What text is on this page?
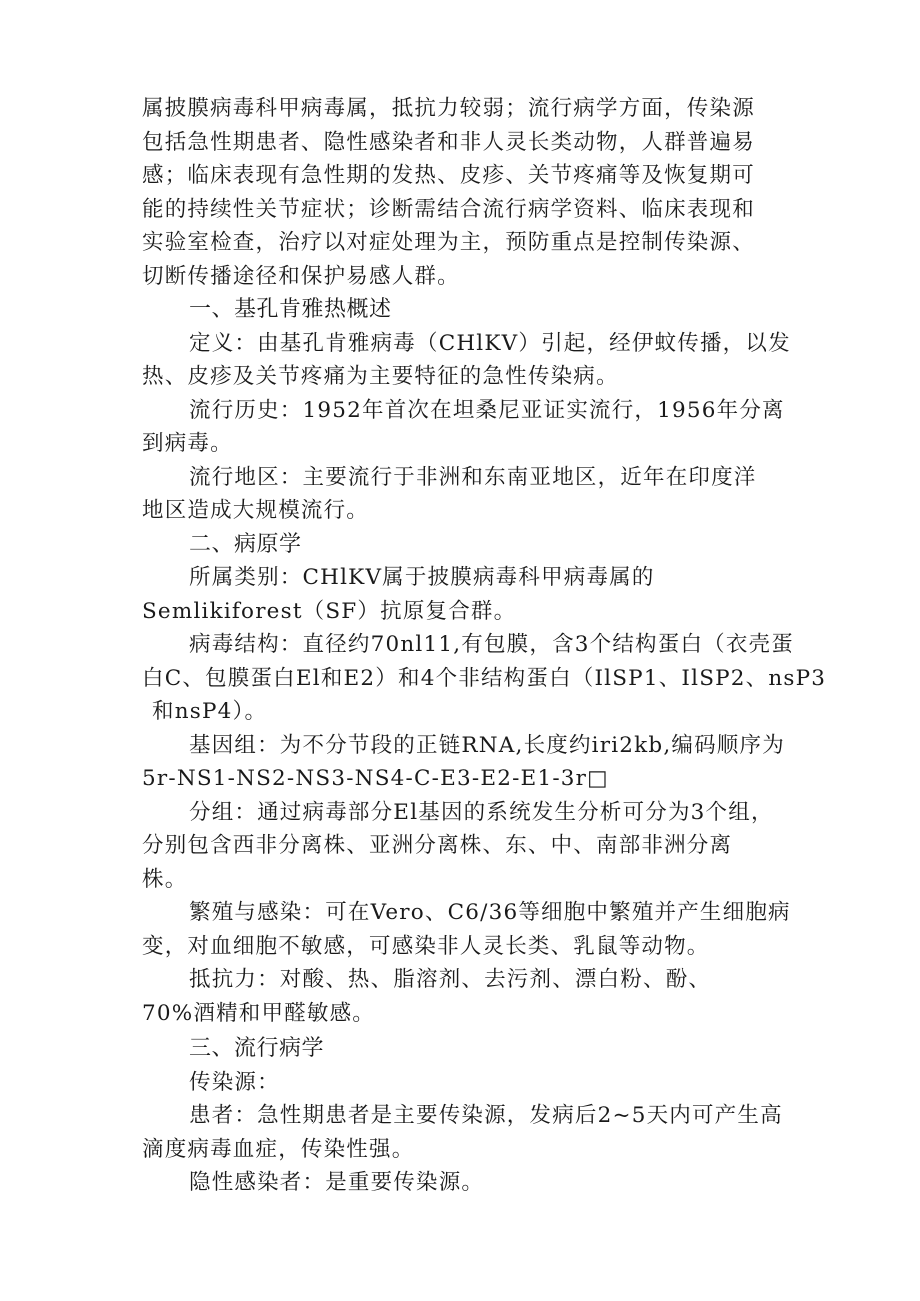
属披膜病毒科甲病毒属，抵抗力较弱；流行病学方面，传染源
包括急性期患者、隐性感染者和非人灵长类动物，人群普遍易
感；临床表现有急性期的发热、皮疹、关节疼痛等及恢复期可
能的持续性关节症状；诊断需结合流行病学资料、临床表现和
实验室检查，治疗以对症处理为主，预防重点是控制传染源、
切断传播途径和保护易感人群。
一、基孔肯雅热概述
定义：由基孔肯雅病毒（CHlKV）引起，经伊蚊传播，以发
热、皮疹及关节疼痛为主要特征的急性传染病。
流行历史：1952年首次在坦桑尼亚证实流行，1956年分离
到病毒。
流行地区：主要流行于非洲和东南亚地区，近年在印度洋
地区造成大规模流行。
二、病原学
所属类别：CHlKV属于披膜病毒科甲病毒属的
Semlikiforest（SF）抗原复合群。
病毒结构：直径约70nl11,有包膜，含3个结构蛋白（衣壳蛋
白C、包膜蛋白El和E2）和4个非结构蛋白（IlSP1、IlSP2、nsP3
和nsP4）。
基因组：为不分节段的正链RNA,长度约iri2kb,编码顺序为
5r-NS1-NS2-NS3-NS4-C-E3-E2-E1-3r□
分组：通过病毒部分El基因的系统发生分析可分为3个组，
分别包含西非分离株、亚洲分离株、东、中、南部非洲分离
株。
繁殖与感染：可在Vero、C6/36等细胞中繁殖并产生细胞病
变，对血细胞不敏感，可感染非人灵长类、乳鼠等动物。
抵抗力：对酸、热、脂溶剂、去污剂、漂白粉、酚、
70%酒精和甲醛敏感。
三、流行病学
传染源：
患者：急性期患者是主要传染源，发病后2~5天内可产生高
滴度病毒血症，传染性强。
隐性感染者：是重要传染源。
